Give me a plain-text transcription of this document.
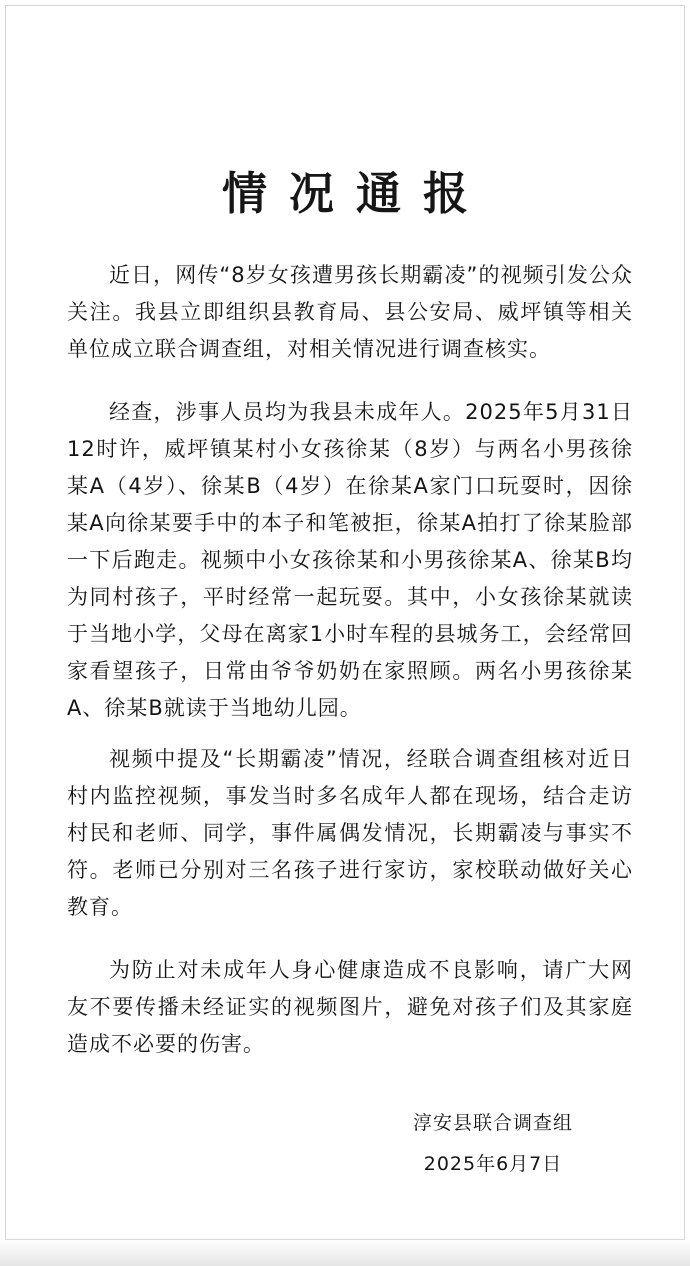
情况通报

近日，网传“8岁女孩遭男孩长期霸凌”的视频引发公众关注。我县立即组织县教育局、县公安局、威坪镇等相关单位成立联合调查组，对相关情况进行调查核实。

经查，涉事人员均为我县未成年人。2025年5月31日12时许，威坪镇某村小女孩徐某（8岁）与两名小男孩徐某A（4岁）、徐某B（4岁）在徐某A家门口玩耍时，因徐某A向徐某要手中的本子和笔被拒，徐某A拍打了徐某脸部一下后跑走。视频中小女孩徐某和小男孩徐某A、徐某B均为同村孩子，平时经常一起玩耍。其中，小女孩徐某就读于当地小学，父母在离家1小时车程的县城务工，会经常回家看望孩子，日常由爷爷奶奶在家照顾。两名小男孩徐某A、徐某B就读于当地幼儿园。

视频中提及“长期霸凌”情况，经联合调查组核对近日村内监控视频，事发当时多名成年人都在现场，结合走访村民和老师、同学，事件属偶发情况，长期霸凌与事实不符。老师已分别对三名孩子进行家访，家校联动做好关心教育。

为防止对未成年人身心健康造成不良影响，请广大网友不要传播未经证实的视频图片，避免对孩子们及其家庭造成不必要的伤害。

淳安县联合调查组
2025年6月7日
